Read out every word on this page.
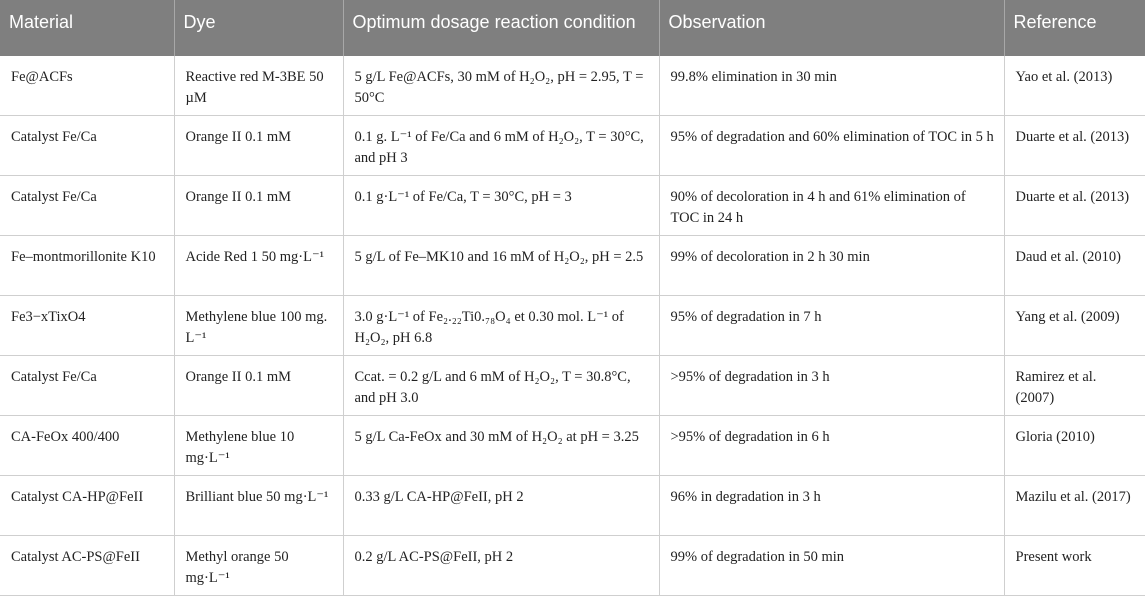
Material	Dye	Optimum dosage reaction condition	Observation	Reference
Fe@ACFs	Reactive red M-3BE 50 µM	5 g/L Fe@ACFs, 30 mM of H₂O₂, pH = 2.95, T = 50°C	99.8% elimination in 30 min	Yao et al. (2013)
Catalyst Fe/Ca	Orange II 0.1 mM	0.1 g. L⁻¹ of Fe/Ca and 6 mM of H₂O₂, T = 30°C, and pH 3	95% of degradation and 60% elimination of TOC in 5 h	Duarte et al. (2013)
Catalyst Fe/Ca	Orange II 0.1 mM	0.1 g·L⁻¹ of Fe/Ca, T = 30°C, pH = 3	90% of decoloration in 4 h and 61% elimination of TOC in 24 h	Duarte et al. (2013)
Fe–montmorillonite K10	Acide Red 1 50 mg·L⁻¹	5 g/L of Fe–MK10 and 16 mM of H₂O₂, pH = 2.5	99% of decoloration in 2 h 30 min	Daud et al. (2010)
Fe3−xTixO4	Methylene blue 100 mg. L⁻¹	3.0 g·L⁻¹ of Fe₂.₂₂Ti0.₇₈O₄ et 0.30 mol. L⁻¹ of H₂O₂, pH 6.8	95% of degradation in 7 h	Yang et al. (2009)
Catalyst Fe/Ca	Orange II 0.1 mM	Ccat. = 0.2 g/L and 6 mM of H₂O₂, T = 30.8°C, and pH 3.0	>95% of degradation in 3 h	Ramirez et al. (2007)
CA-FeOx 400/400	Methylene blue 10 mg·L⁻¹	5 g/L Ca-FeOx and 30 mM of H₂O₂ at pH = 3.25	>95% of degradation in 6 h	Gloria (2010)
Catalyst CA-HP@FeII	Brilliant blue 50 mg·L⁻¹	0.33 g/L CA-HP@FeII, pH 2	96% in degradation in 3 h	Mazilu et al. (2017)
Catalyst AC-PS@FeII	Methyl orange 50 mg·L⁻¹	0.2 g/L AC-PS@FeII, pH 2	99% of degradation in 50 min	Present work
